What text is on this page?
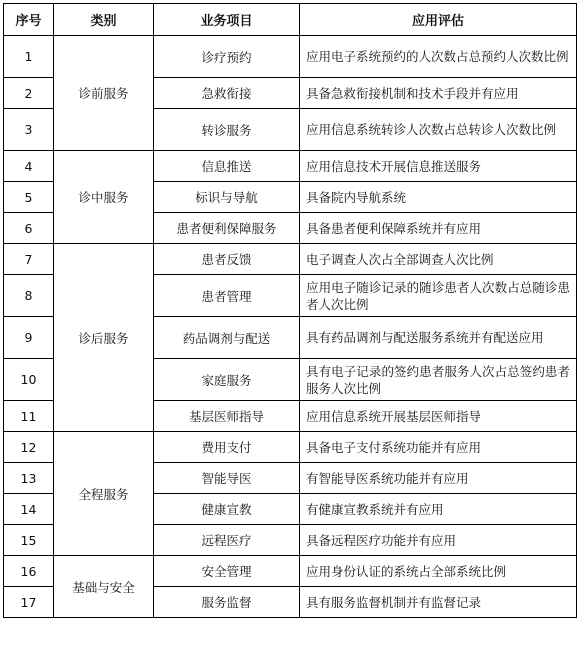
序号	类别	业务项目	应用评估
1	诊前服务	诊疗预约	应用电子系统预约的人次数占总预约人次数比例
2		急救衔接	具备急救衔接机制和技术手段并有应用
3		转诊服务	应用信息系统转诊人次数占总转诊人次数比例
4	诊中服务	信息推送	应用信息技术开展信息推送服务
5		标识与导航	具备院内导航系统
6		患者便利保障服务	具备患者便利保障系统并有应用
7	诊后服务	患者反馈	电子调查人次占全部调查人次比例
8		患者管理	应用电子随诊记录的随诊患者人次数占总随诊患者人次比例
9		药品调剂与配送	具有药品调剂与配送服务系统并有配送应用
10		家庭服务	具有电子记录的签约患者服务人次占总签约患者服务人次比例
11		基层医师指导	应用信息系统开展基层医师指导
12	全程服务	费用支付	具备电子支付系统功能并有应用
13		智能导医	有智能导医系统功能并有应用
14		健康宣教	有健康宣教系统并有应用
15		远程医疗	具备远程医疗功能并有应用
16	基础与安全	安全管理	应用身份认证的系统占全部系统比例
17		服务监督	具有服务监督机制并有监督记录
